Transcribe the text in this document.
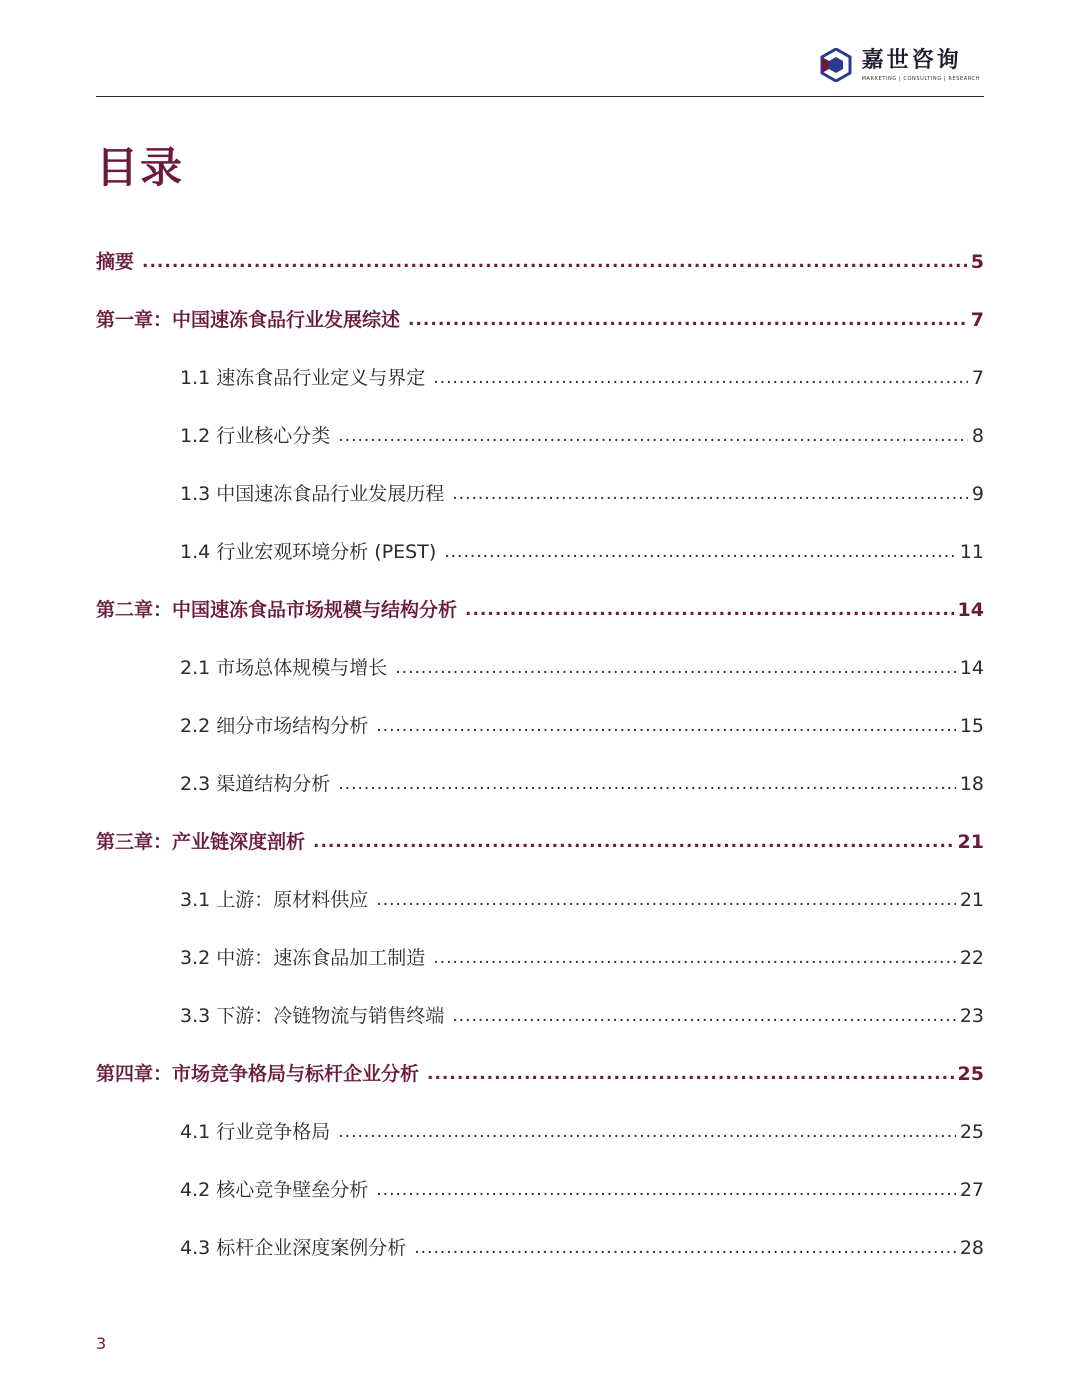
嘉世咨询
MARKETING | CONSULTING | RESEARCH
目录
摘要 .....	5
第一章：中国速冻食品行业发展综述 .....	7
1.1 速冻食品行业定义与界定 .....	7
1.2 行业核心分类 .....	8
1.3 中国速冻食品行业发展历程 .....	9
1.4 行业宏观环境分析 (PEST) .....	11
第二章：中国速冻食品市场规模与结构分析 .....	14
2.1 市场总体规模与增长 .....	14
2.2 细分市场结构分析 .....	15
2.3 渠道结构分析 .....	18
第三章：产业链深度剖析 .....	21
3.1 上游：原材料供应 .....	21
3.2 中游：速冻食品加工制造 .....	22
3.3 下游：冷链物流与销售终端 .....	23
第四章：市场竞争格局与标杆企业分析 .....	25
4.1 行业竞争格局 .....	25
4.2 核心竞争壁垒分析 .....	27
4.3 标杆企业深度案例分析 .....	28
3
